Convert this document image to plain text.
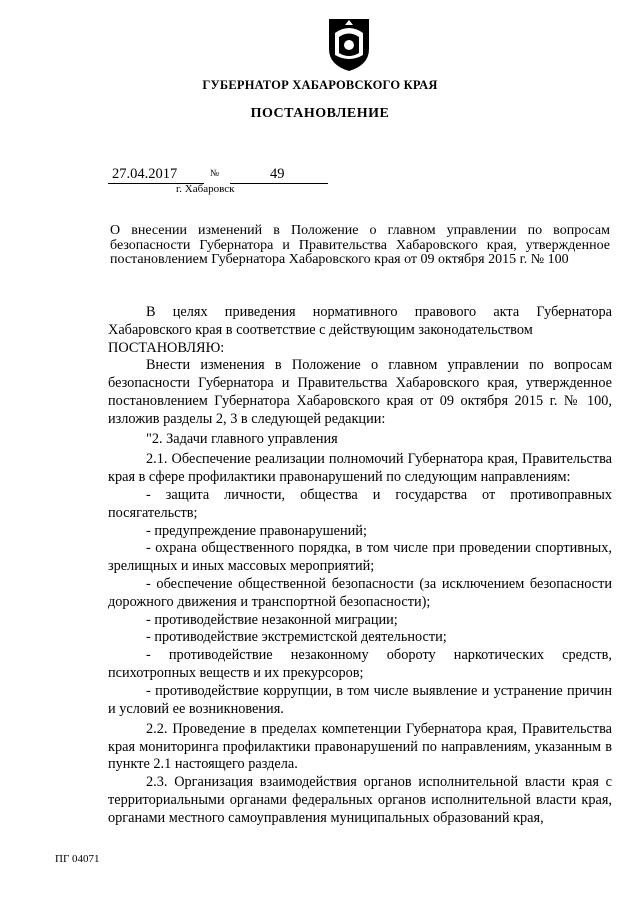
ГУБЕРНАТОР ХАБАРОВСКОГО КРАЯ
ПОСТАНОВЛЕНИЕ
27.04.2017	№	49
г. Хабаровск
О внесении изменений в Положение о главном управлении по вопросам безопасности Губернатора и Правительства Хабаровского края, утвержденное постановлением Губернатора Хабаровского края от 09 октября 2015 г. № 100

В целях приведения нормативного правового акта Губернатора Хабаровского края в соответствие с действующим законодательством

ПОСТАНОВЛЯЮ:

Внести изменения в Положение о главном управлении по вопросам безопасности Губернатора и Правительства Хабаровского края, утвержденное постановлением Губернатора Хабаровского края от 09 октября 2015 г. № 100, изложив разделы 2, 3 в следующей редакции:

"2. Задачи главного управления

2.1. Обеспечение реализации полномочий Губернатора края, Правительства края в сфере профилактики правонарушений по следующим направлениям:

- защита личности, общества и государства от противоправных посягательств;

- предупреждение правонарушений;

- охрана общественного порядка, в том числе при проведении спортивных, зрелищных и иных массовых мероприятий;

- обеспечение общественной безопасности (за исключением безопасности дорожного движения и транспортной безопасности);

- противодействие незаконной миграции;

- противодействие экстремистской деятельности;

- противодействие незаконному обороту наркотических средств, психотропных веществ и их прекурсоров;

- противодействие коррупции, в том числе выявление и устранение причин и условий ее возникновения.

2.2. Проведение в пределах компетенции Губернатора края, Правительства края мониторинга профилактики правонарушений по направлениям, указанным в пункте 2.1 настоящего раздела.

2.3. Организация взаимодействия органов исполнительной власти края с территориальными органами федеральных органов исполнительной власти края, органами местного самоуправления муниципальных образований края,

ПГ 04071
